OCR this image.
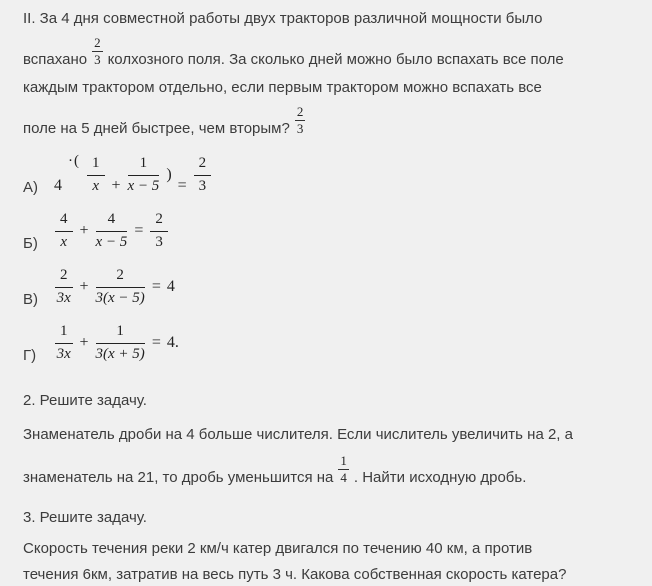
II. За 4 дня совместной работы двух тракторов различной мощности было
вспахано $\frac{2}{3}$ колхозного поля. За сколько дней можно было вспахать все поле
каждым трактором отдельно, если первым трактором можно вспахать все
поле на 5 дней быстрее, чем вторым? $\frac{2}{3}$
А)	4
·( $\frac{1}{x} + \frac{1}{x - 5}$ )
= $\frac{2}{3}$
Б)	$\frac{4}{x} + \frac{4}{x - 5} = \frac{2}{3}$
В)	$\frac{2}{3x} + \frac{2}{3(x - 5)} = 4$
Г)	$\frac{1}{3x} + \frac{1}{3(x + 5)} = 4$.
2. Решите задачу.
Знаменатель дроби на 4 больше числителя. Если числитель увеличить на 2, а
знаменатель на 21, то дробь уменьшится на $\frac{1}{4}$ . Найти исходную дробь.
3. Решите задачу.
Скорость течения реки 2 км/ч катер двигался по течению 40 км, а против
течения 6км, затратив на весь путь 3 ч. Какова собственная скорость катера?
